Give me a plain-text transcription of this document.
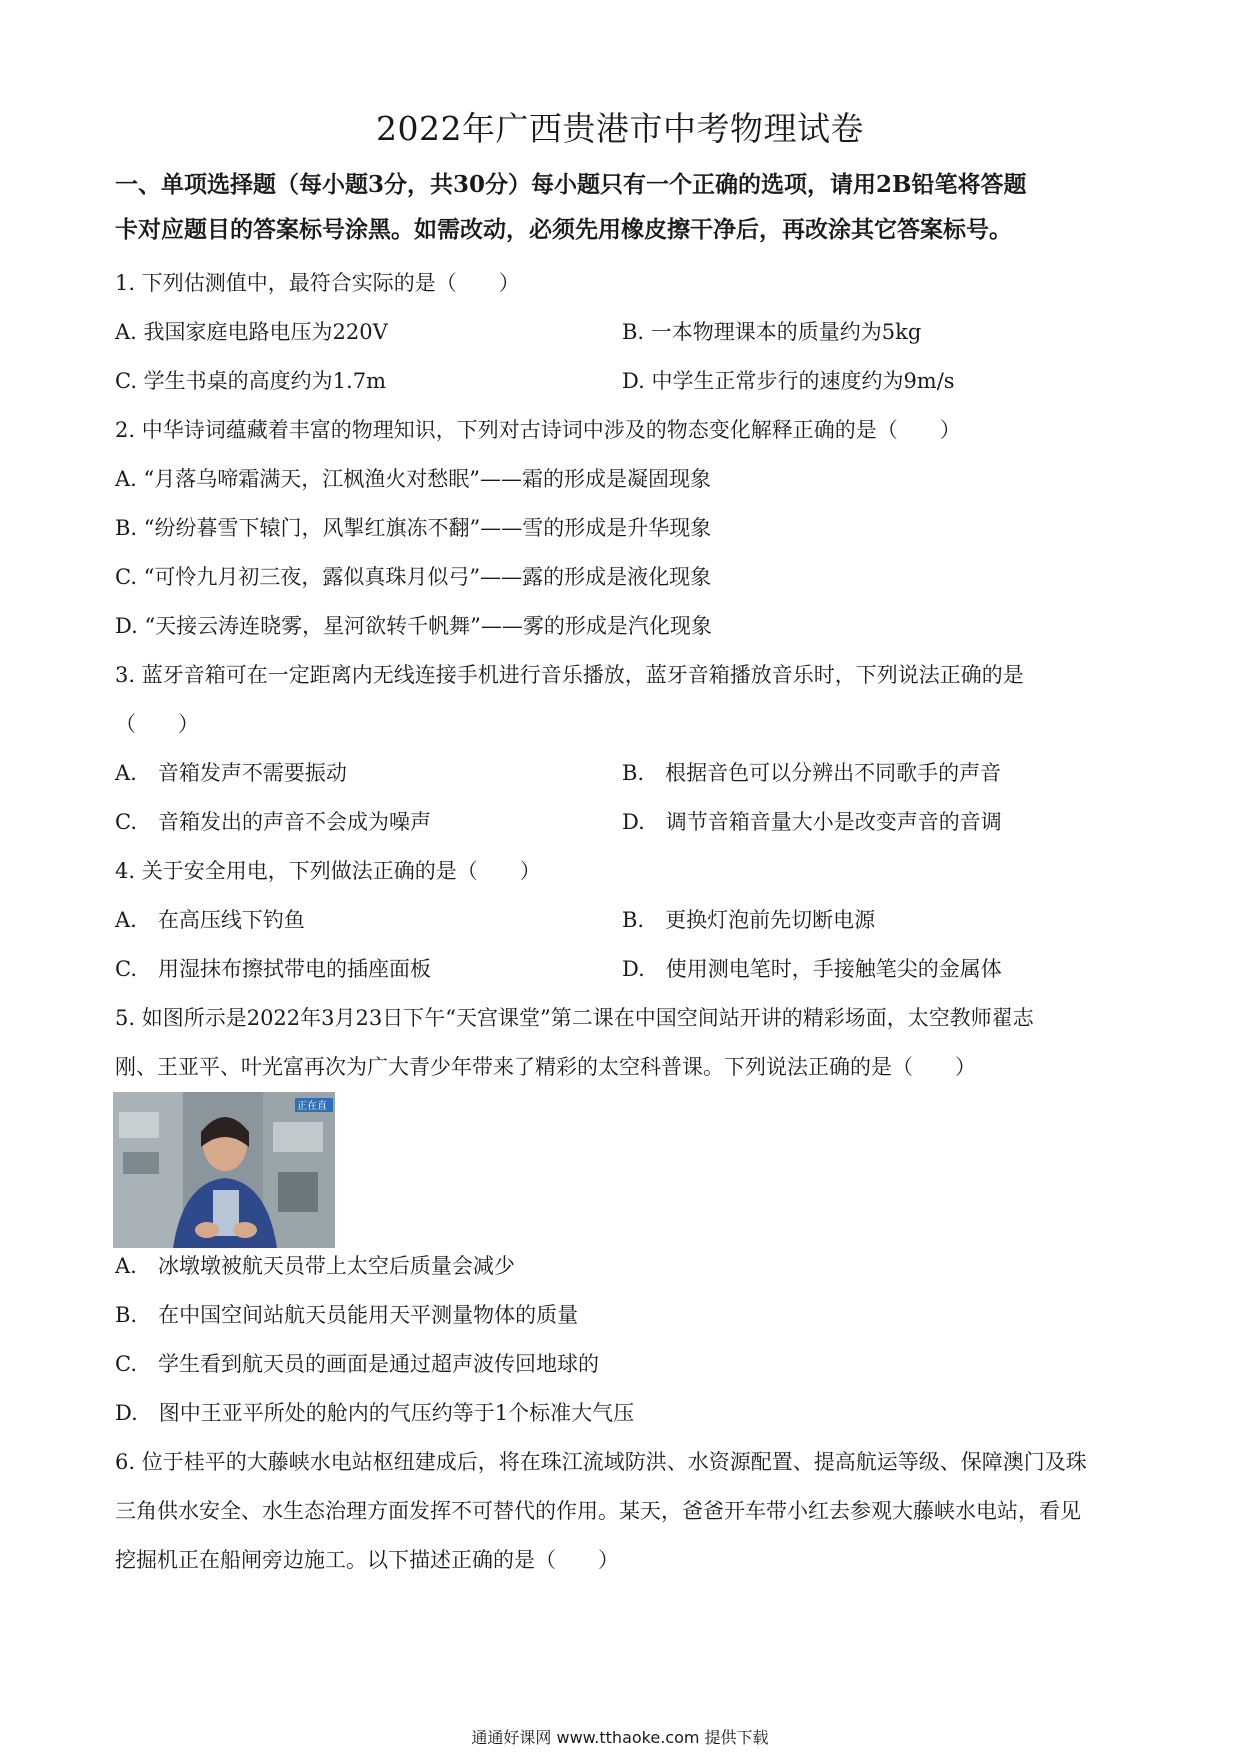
2022年广西贵港市中考物理试卷
一、单项选择题（每小题3分，共30分）每小题只有一个正确的选项，请用2B铅笔将答题
卡对应题目的答案标号涂黑。如需改动，必须先用橡皮擦干净后，再改涂其它答案标号。
1. 下列估测值中，最符合实际的是（　　）
A. 我国家庭电路电压为220V	B. 一本物理课本的质量约为5kg
C. 学生书桌的高度约为1.7m	D. 中学生正常步行的速度约为9m/s
2. 中华诗词蕴藏着丰富的物理知识，下列对古诗词中涉及的物态变化解释正确的是（　　）
A. “月落乌啼霜满天，江枫渔火对愁眠”——霜的形成是凝固现象
B. “纷纷暮雪下辕门，风掣红旗冻不翻”——雪的形成是升华现象
C. “可怜九月初三夜，露似真珠月似弓”——露的形成是液化现象
D. “天接云涛连晓雾，星河欲转千帆舞”——雾的形成是汽化现象
3. 蓝牙音箱可在一定距离内无线连接手机进行音乐播放，蓝牙音箱播放音乐时，下列说法正确的是
（　　）
A.　音箱发声不需要振动	B.　根据音色可以分辨出不同歌手的声音
C.　音箱发出的声音不会成为噪声	D.　调节音箱音量大小是改变声音的音调
4. 关于安全用电，下列做法正确的是（　　）
A.　在高压线下钓鱼	B.　更换灯泡前先切断电源
C.　用湿抹布擦拭带电的插座面板	D.　使用测电笔时，手接触笔尖的金属体
5. 如图所示是2022年3月23日下午“天宫课堂”第二课在中国空间站开讲的精彩场面，太空教师翟志
刚、王亚平、叶光富再次为广大青少年带来了精彩的太空科普课。下列说法正确的是（　　）
正在直
A.　冰墩墩被航天员带上太空后质量会减少
B.　在中国空间站航天员能用天平测量物体的质量
C.　学生看到航天员的画面是通过超声波传回地球的
D.　图中王亚平所处的舱内的气压约等于1个标准大气压
6. 位于桂平的大藤峡水电站枢纽建成后，将在珠江流域防洪、水资源配置、提高航运等级、保障澳门及珠
三角供水安全、水生态治理方面发挥不可替代的作用。某天，爸爸开车带小红去参观大藤峡水电站，看见
挖掘机正在船闸旁边施工。以下描述正确的是（　　）
通通好课网 www.tthaoke.com 提供下载
